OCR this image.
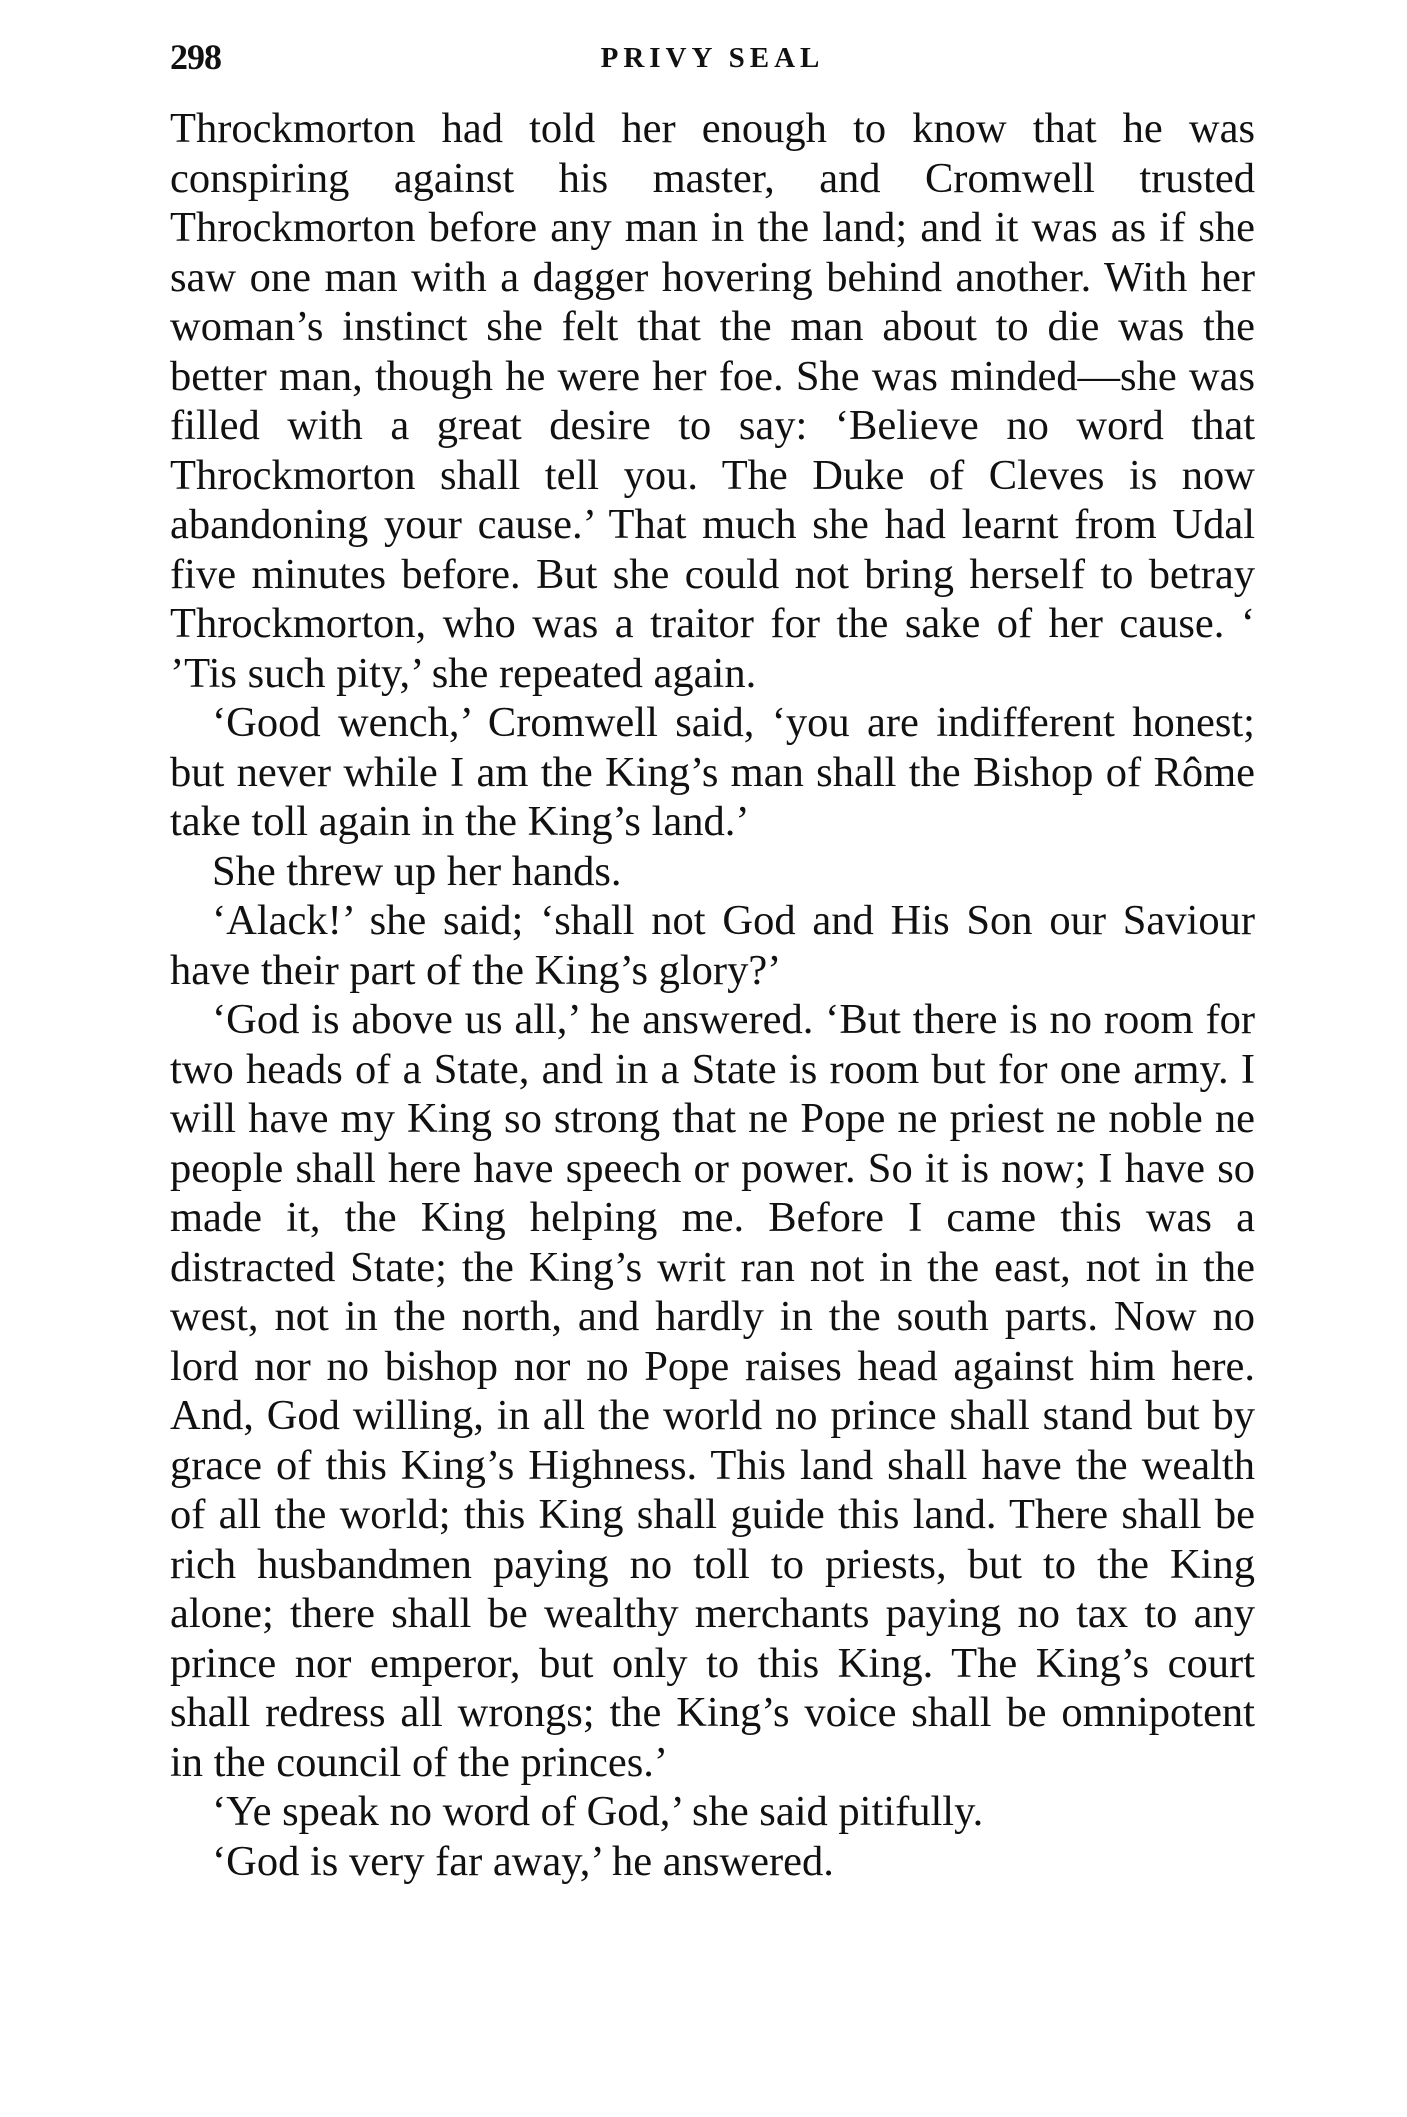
298	PRIVY SEAL

Throckmorton had told her enough to know that he was conspiring against his master, and Cromwell trusted Throckmorton before any man in the land; and it was as if she saw one man with a dagger hovering behind another. With her woman’s instinct she felt that the man about to die was the better man, though he were her foe. She was minded—she was filled with a great desire to say: ‘Believe no word that Throckmorton shall tell you. The Duke of Cleves is now abandoning your cause.’ That much she had learnt from Udal five minutes before. But she could not bring herself to betray Throckmorton, who was a traitor for the sake of her cause. ‘ ’Tis such pity,’ she repeated again.

‘Good wench,’ Cromwell said, ‘you are indifferent honest; but never while I am the King’s man shall the Bishop of Rôme take toll again in the King’s land.’

She threw up her hands.

‘Alack!’ she said; ‘shall not God and His Son our Saviour have their part of the King’s glory?’

‘God is above us all,’ he answered. ‘But there is no room for two heads of a State, and in a State is room but for one army. I will have my King so strong that ne Pope ne priest ne noble ne people shall here have speech or power. So it is now; I have so made it, the King helping me. Before I came this was a distracted State; the King’s writ ran not in the east, not in the west, not in the north, and hardly in the south parts. Now no lord nor no bishop nor no Pope raises head against him here. And, God willing, in all the world no prince shall stand but by grace of this King’s Highness. This land shall have the wealth of all the world; this King shall guide this land. There shall be rich husbandmen paying no toll to priests, but to the King alone; there shall be wealthy merchants paying no tax to any prince nor emperor, but only to this King. The King’s court shall redress all wrongs; the King’s voice shall be omnipotent in the council of the princes.’

‘Ye speak no word of God,’ she said pitifully.

‘God is very far away,’ he answered.
